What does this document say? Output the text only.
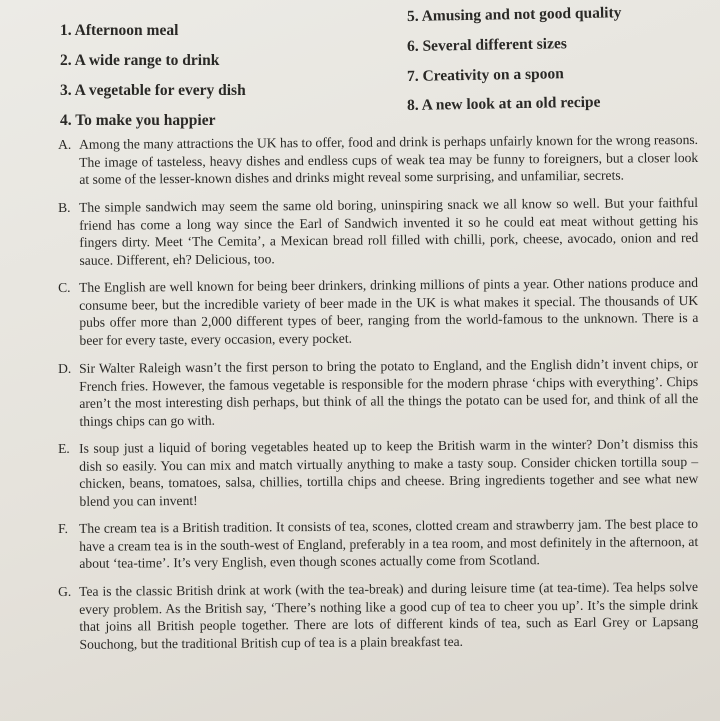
1. Afternoon meal
2. A wide range to drink
3. A vegetable for every dish
4. To make you happier
5. Amusing and not good quality
6. Several different sizes
7. Creativity on a spoon
8. A new look at an old recipe
A. Among the many attractions the UK has to offer, food and drink is perhaps unfairly known for the wrong reasons. The image of tasteless, heavy dishes and endless cups of weak tea may be funny to foreigners, but a closer look at some of the lesser-known dishes and drinks might reveal some surprising, and unfamiliar, secrets.
B. The simple sandwich may seem the same old boring, uninspiring snack we all know so well. But your faithful friend has come a long way since the Earl of Sandwich invented it so he could eat meat without getting his fingers dirty. Meet ‘The Cemita’, a Mexican bread roll filled with chilli, pork, cheese, avocado, onion and red sauce. Different, eh? Delicious, too.
C. The English are well known for being beer drinkers, drinking millions of pints a year. Other nations produce and consume beer, but the incredible variety of beer made in the UK is what makes it special. The thousands of UK pubs offer more than 2,000 different types of beer, ranging from the world-famous to the unknown. There is a beer for every taste, every occasion, every pocket.
D. Sir Walter Raleigh wasn’t the first person to bring the potato to England, and the English didn’t invent chips, or French fries. However, the famous vegetable is responsible for the modern phrase ‘chips with everything’. Chips aren’t the most interesting dish perhaps, but think of all the things the potato can be used for, and think of all the things chips can go with.
E. Is soup just a liquid of boring vegetables heated up to keep the British warm in the winter? Don’t dismiss this dish so easily. You can mix and match virtually anything to make a tasty soup. Consider chicken tortilla soup – chicken, beans, tomatoes, salsa, chillies, tortilla chips and cheese. Bring ingredients together and see what new blend you can invent!
F. The cream tea is a British tradition. It consists of tea, scones, clotted cream and strawberry jam. The best place to have a cream tea is in the south-west of England, preferably in a tea room, and most definitely in the afternoon, at about ‘tea-time’. It’s very English, even though scones actually come from Scotland.
G. Tea is the classic British drink at work (with the tea-break) and during leisure time (at tea-time). Tea helps solve every problem. As the British say, ‘There’s nothing like a good cup of tea to cheer you up’. It’s the simple drink that joins all British people together. There are lots of different kinds of tea, such as Earl Grey or Lapsang Souchong, but the traditional British cup of tea is a plain breakfast tea.
